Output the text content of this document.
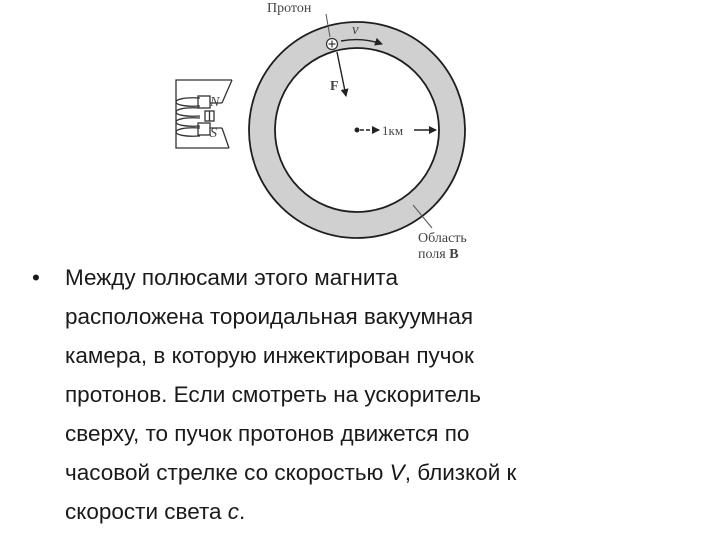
1км
Протон
v
F
Область
поля B
N
S
• Между полюсами этого магнита
расположена тороидальная вакуумная
камера, в которую инжектирован пучок
протонов. Если смотреть на ускоритель
сверху, то пучок протонов движется по
часовой стрелке со скоростью V, близкой к
скорости света c.
